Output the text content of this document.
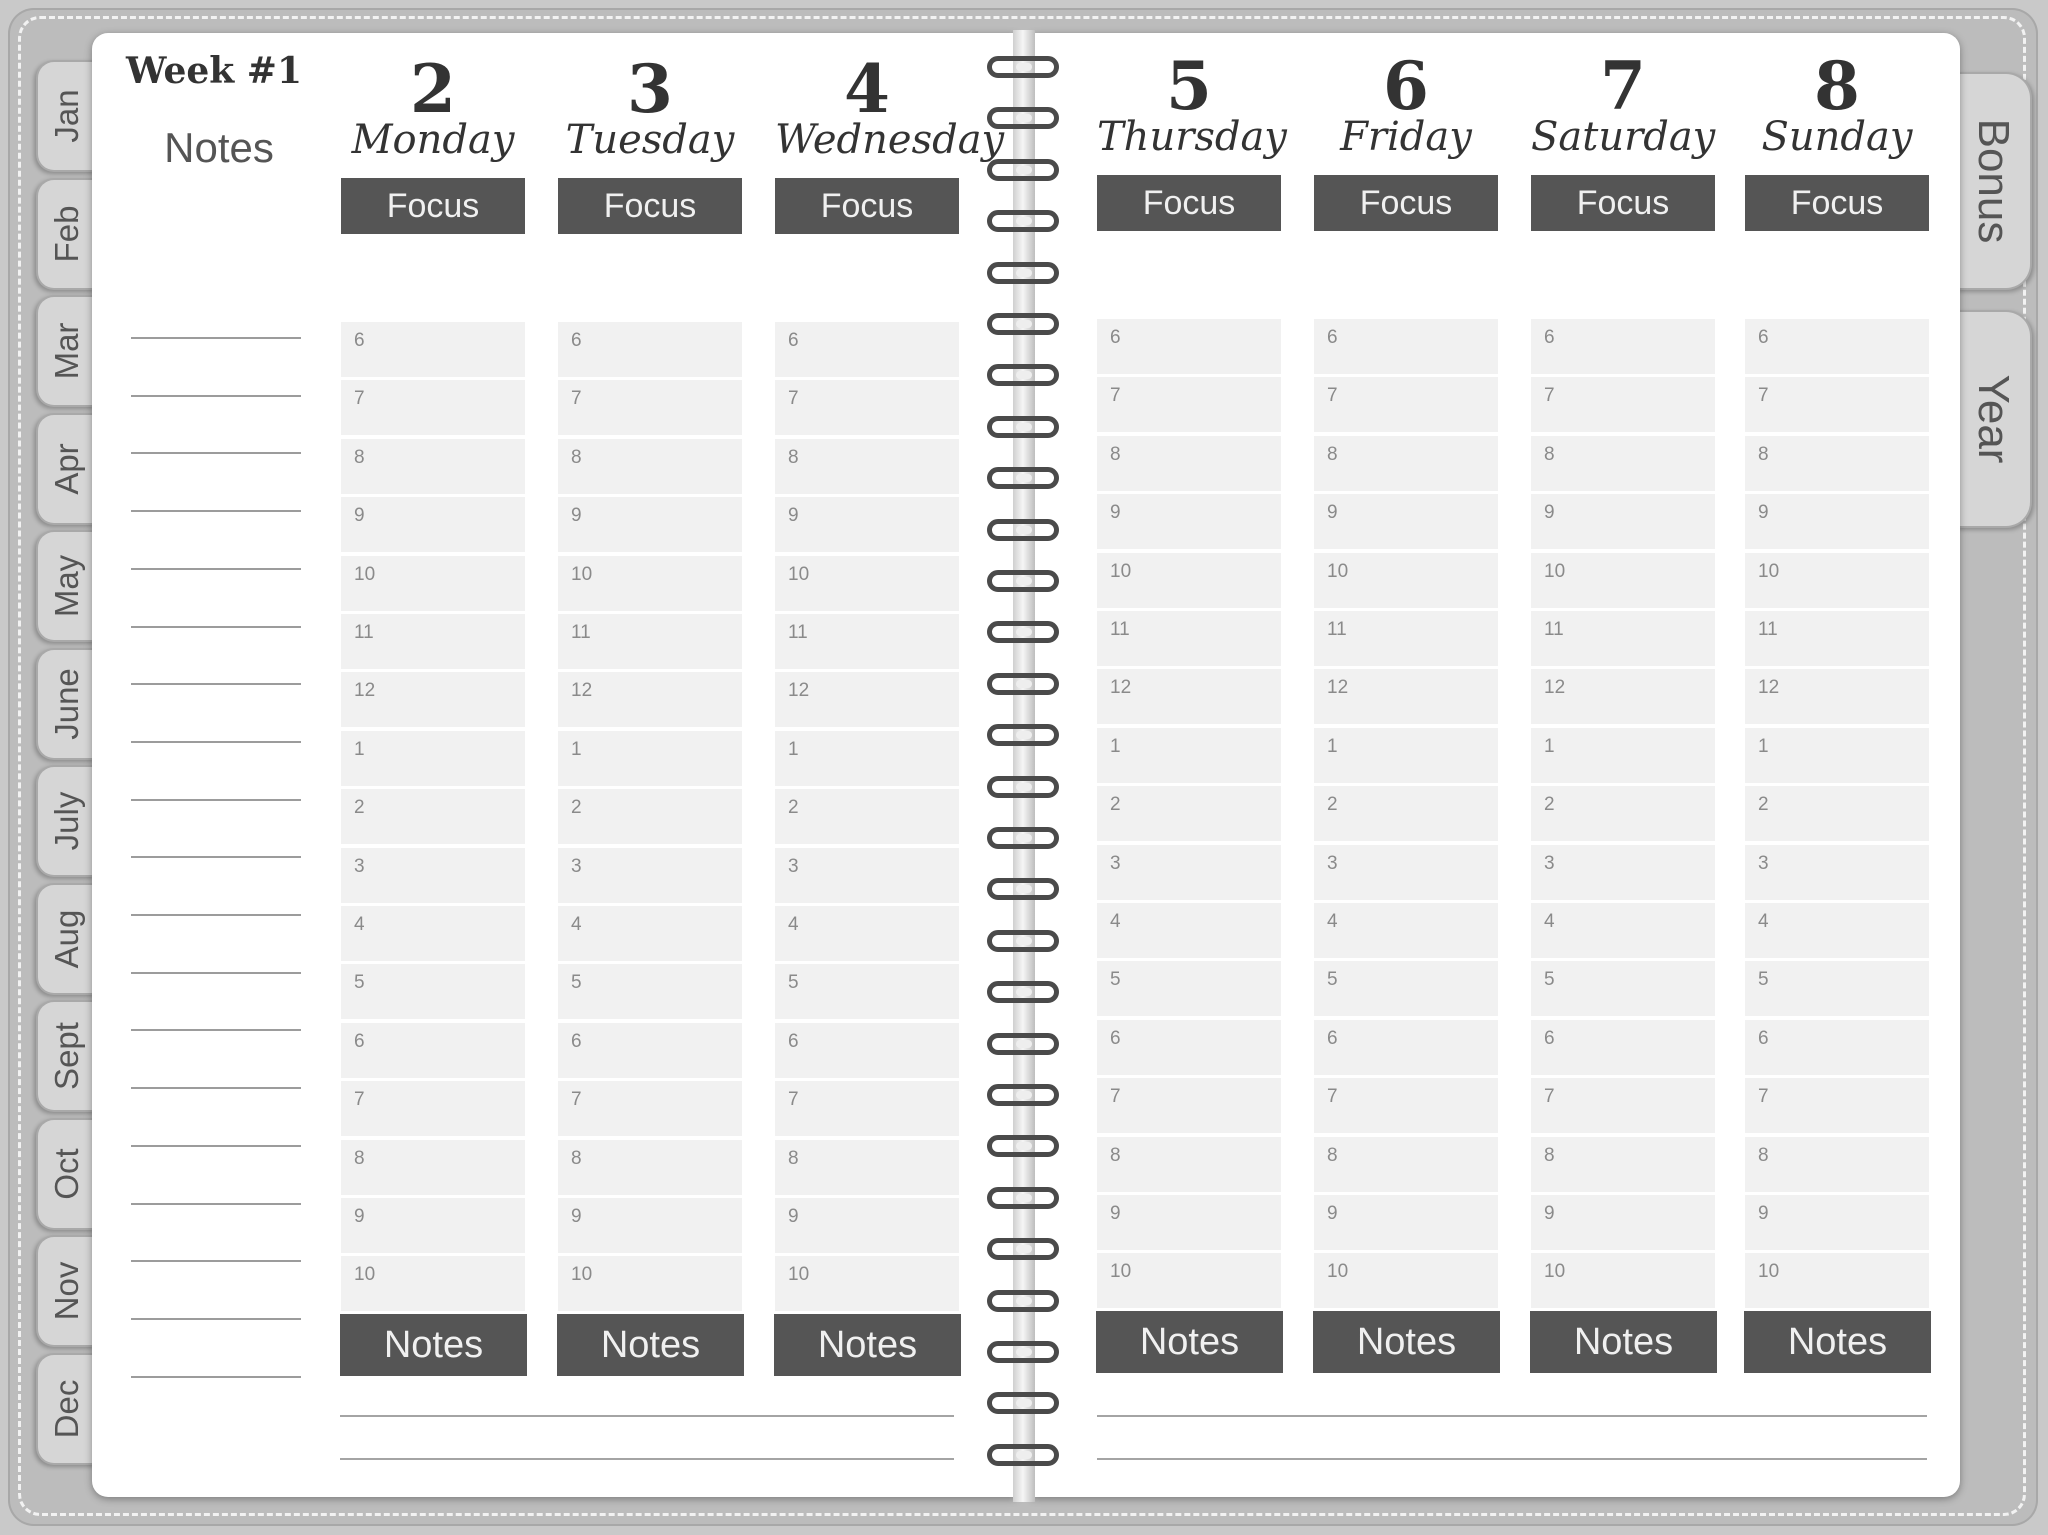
Jan
Feb
Mar
Apr
May
June
July
Aug
Sept
Oct
Nov
Dec
Bonus
Year
Week #1
Notes
2
Monday
Focus
6
7
8
9
10
11
12
1
2
3
4
5
6
7
8
9
10
Notes
3
Tuesday
Focus
6
7
8
9
10
11
12
1
2
3
4
5
6
7
8
9
10
Notes
4
Wednesday
Focus
6
7
8
9
10
11
12
1
2
3
4
5
6
7
8
9
10
Notes
5
Thursday
Focus
6
7
8
9
10
11
12
1
2
3
4
5
6
7
8
9
10
Notes
6
Friday
Focus
6
7
8
9
10
11
12
1
2
3
4
5
6
7
8
9
10
Notes
7
Saturday
Focus
6
7
8
9
10
11
12
1
2
3
4
5
6
7
8
9
10
Notes
8
Sunday
Focus
6
7
8
9
10
11
12
1
2
3
4
5
6
7
8
9
10
Notes
